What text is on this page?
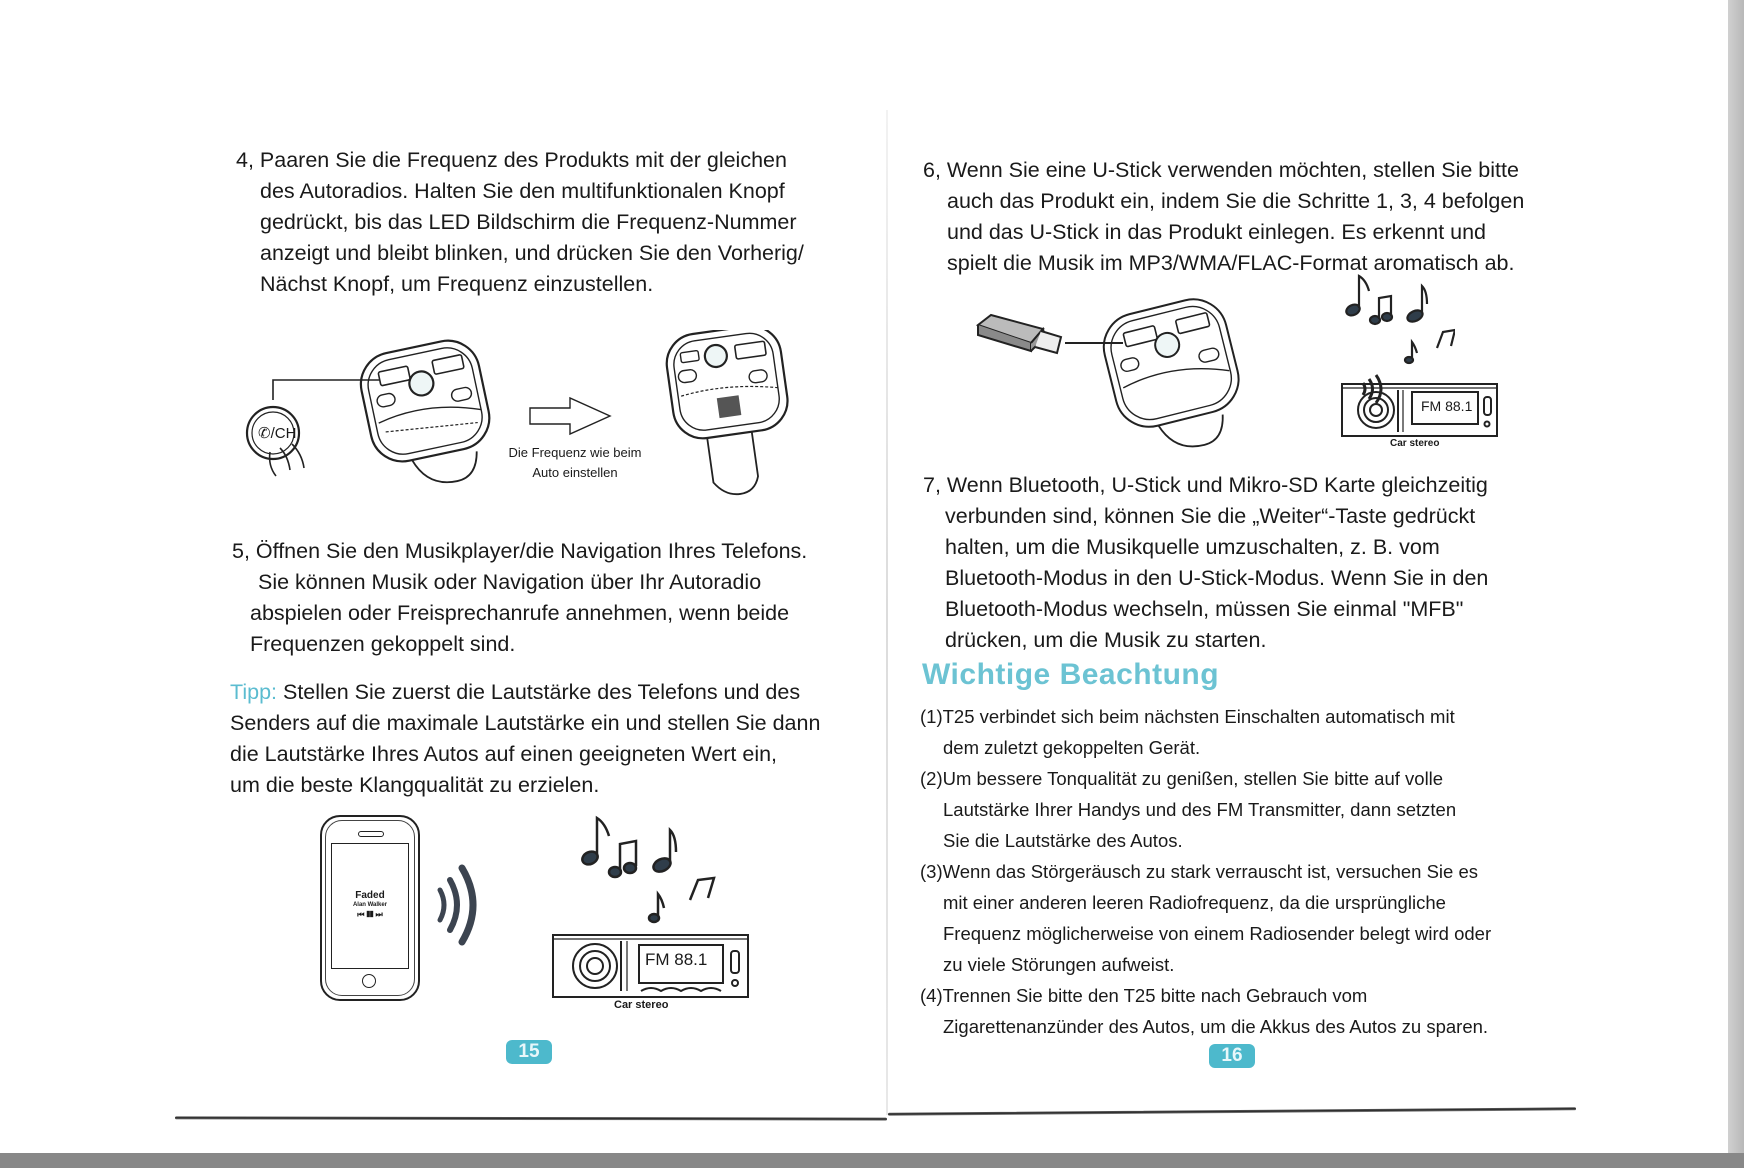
4, Paaren Sie die Frequenz des Produkts mit der gleichen
des Autoradios. Halten Sie den multifunktionalen Knopf
gedrückt, bis das LED Bildschirm die Frequenz-Nummer
anzeigt und bleibt blinken, und drücken Sie den Vorherig/
Nächst Knopf, um Frequenz einzustellen.
Die Frequenz wie beim
Auto einstellen
✆/CH
5, Öffnen Sie den Musikplayer/die Navigation Ihres Telefons.
Sie können Musik oder Navigation über Ihr Autoradio
abspielen oder Freisprechanrufe annehmen, wenn beide
Frequenzen gekoppelt sind.
Tipp: Stellen Sie zuerst die Lautstärke des Telefons und des
Senders auf die maximale Lautstärke ein und stellen Sie dann
die Lautstärke Ihres Autos auf einen geeigneten Wert ein,
um die beste Klangqualität zu erzielen.
Faded
Alan Walker
⏮ ❚❚ ⏭
FM 88.1
Car stereo
15
6, Wenn Sie eine U-Stick verwenden möchten, stellen Sie bitte
auch das Produkt ein, indem Sie die Schritte 1, 3, 4 befolgen
und das U-Stick in das Produkt einlegen. Es erkennt und
spielt die Musik im MP3/WMA/FLAC-Format aromatisch ab.
FM 88.1
Car stereo
7, Wenn Bluetooth, U-Stick und Mikro-SD Karte gleichzeitig
verbunden sind, können Sie die „Weiter“-Taste gedrückt
halten, um die Musikquelle umzuschalten, z. B. vom
Bluetooth-Modus in den U-Stick-Modus. Wenn Sie in den
Bluetooth-Modus wechseln, müssen Sie einmal "MFB"
drücken, um die Musik zu starten.
Wichtige Beachtung
(1)T25 verbindet sich beim nächsten Einschalten automatisch mit
dem zuletzt gekoppelten Gerät.
(2)Um bessere Tonqualität zu genißen, stellen Sie bitte auf volle
Lautstärke Ihrer Handys und des FM Transmitter, dann setzten
Sie die Lautstärke des Autos.
(3)Wenn das Störgeräusch zu stark verrauscht ist, versuchen Sie es
mit einer anderen leeren Radiofrequenz, da die ursprüngliche
Frequenz möglicherweise von einem Radiosender belegt wird oder
zu viele Störungen aufweist.
(4)Trennen Sie bitte den T25 bitte nach Gebrauch vom
Zigarettenanzünder des Autos, um die Akkus des Autos zu sparen.
16
